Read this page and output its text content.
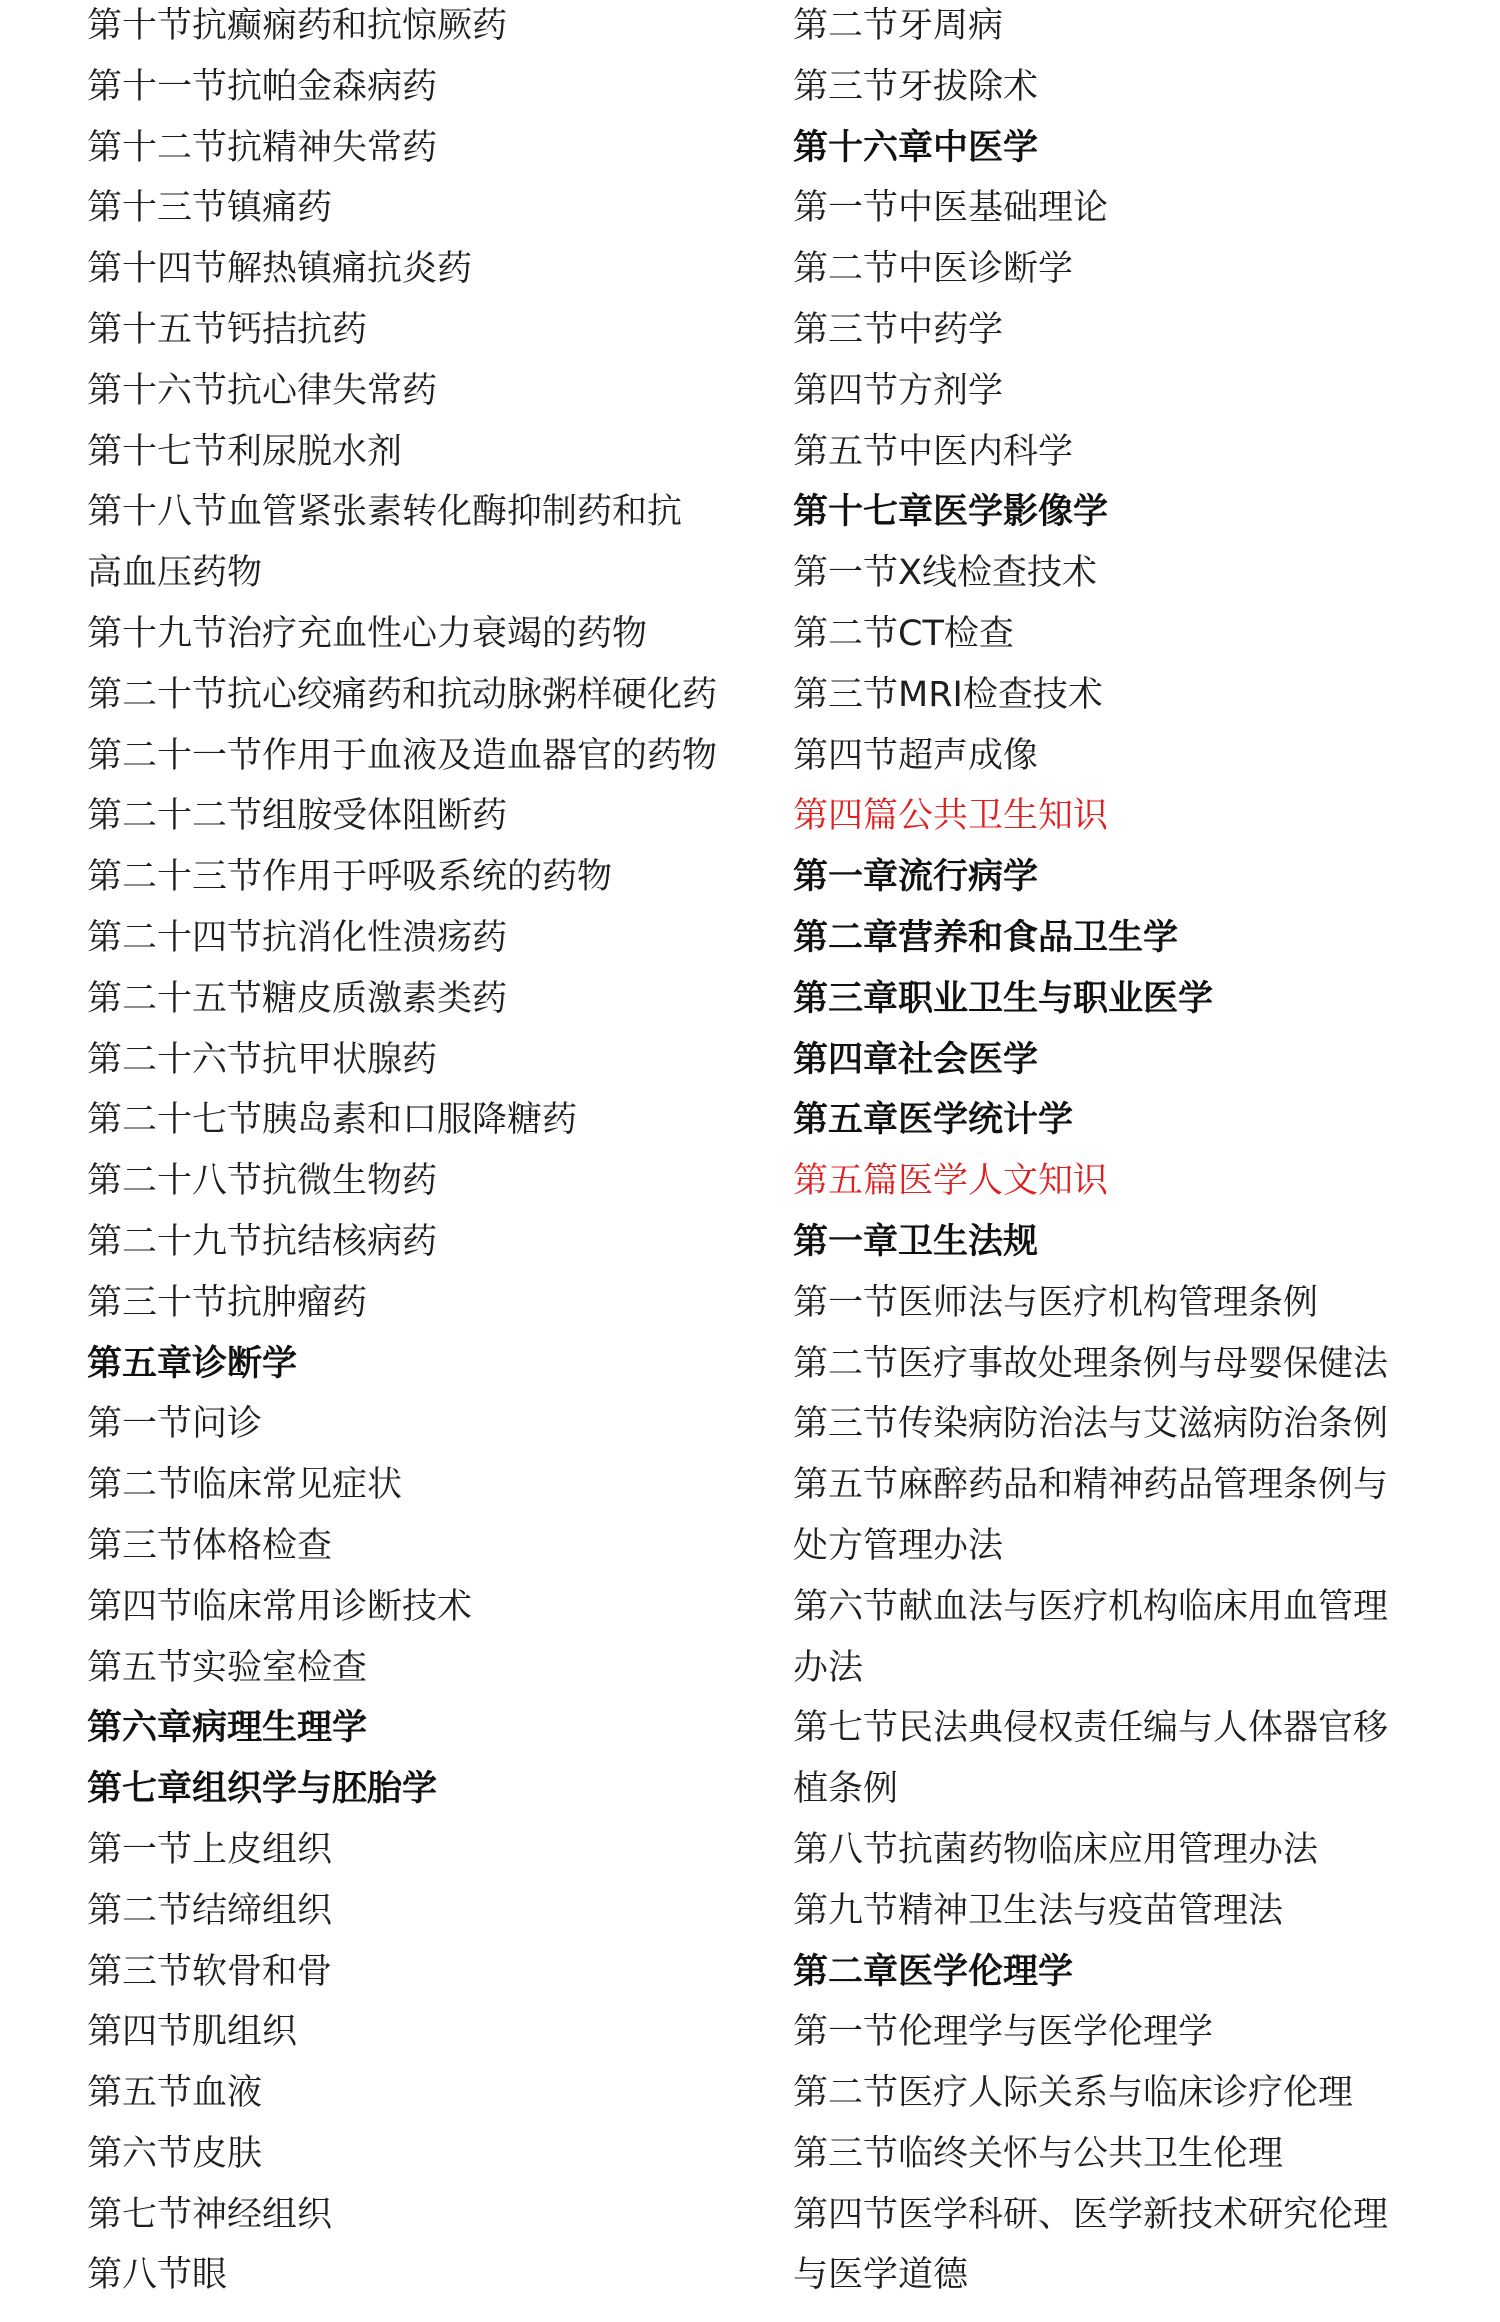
第十节抗癫痫药和抗惊厥药
第十一节抗帕金森病药
第十二节抗精神失常药
第十三节镇痛药
第十四节解热镇痛抗炎药
第十五节钙拮抗药
第十六节抗心律失常药
第十七节利尿脱水剂
第十八节血管紧张素转化酶抑制药和抗
高血压药物
第十九节治疗充血性心力衰竭的药物
第二十节抗心绞痛药和抗动脉粥样硬化药
第二十一节作用于血液及造血器官的药物
第二十二节组胺受体阻断药
第二十三节作用于呼吸系统的药物
第二十四节抗消化性溃疡药
第二十五节糖皮质激素类药
第二十六节抗甲状腺药
第二十七节胰岛素和口服降糖药
第二十八节抗微生物药
第二十九节抗结核病药
第三十节抗肿瘤药
第五章诊断学
第一节问诊
第二节临床常见症状
第三节体格检查
第四节临床常用诊断技术
第五节实验室检查
第六章病理生理学
第七章组织学与胚胎学
第一节上皮组织
第二节结缔组织
第三节软骨和骨
第四节肌组织
第五节血液
第六节皮肤
第七节神经组织
第八节眼
第二节牙周病
第三节牙拔除术
第十六章中医学
第一节中医基础理论
第二节中医诊断学
第三节中药学
第四节方剂学
第五节中医内科学
第十七章医学影像学
第一节X线检查技术
第二节CT检查
第三节MRI检查技术
第四节超声成像
第四篇公共卫生知识
第一章流行病学
第二章营养和食品卫生学
第三章职业卫生与职业医学
第四章社会医学
第五章医学统计学
第五篇医学人文知识
第一章卫生法规
第一节医师法与医疗机构管理条例
第二节医疗事故处理条例与母婴保健法
第三节传染病防治法与艾滋病防治条例
第五节麻醉药品和精神药品管理条例与
处方管理办法
第六节献血法与医疗机构临床用血管理
办法
第七节民法典侵权责任编与人体器官移
植条例
第八节抗菌药物临床应用管理办法
第九节精神卫生法与疫苗管理法
第二章医学伦理学
第一节伦理学与医学伦理学
第二节医疗人际关系与临床诊疗伦理
第三节临终关怀与公共卫生伦理
第四节医学科研、医学新技术研究伦理
与医学道德
